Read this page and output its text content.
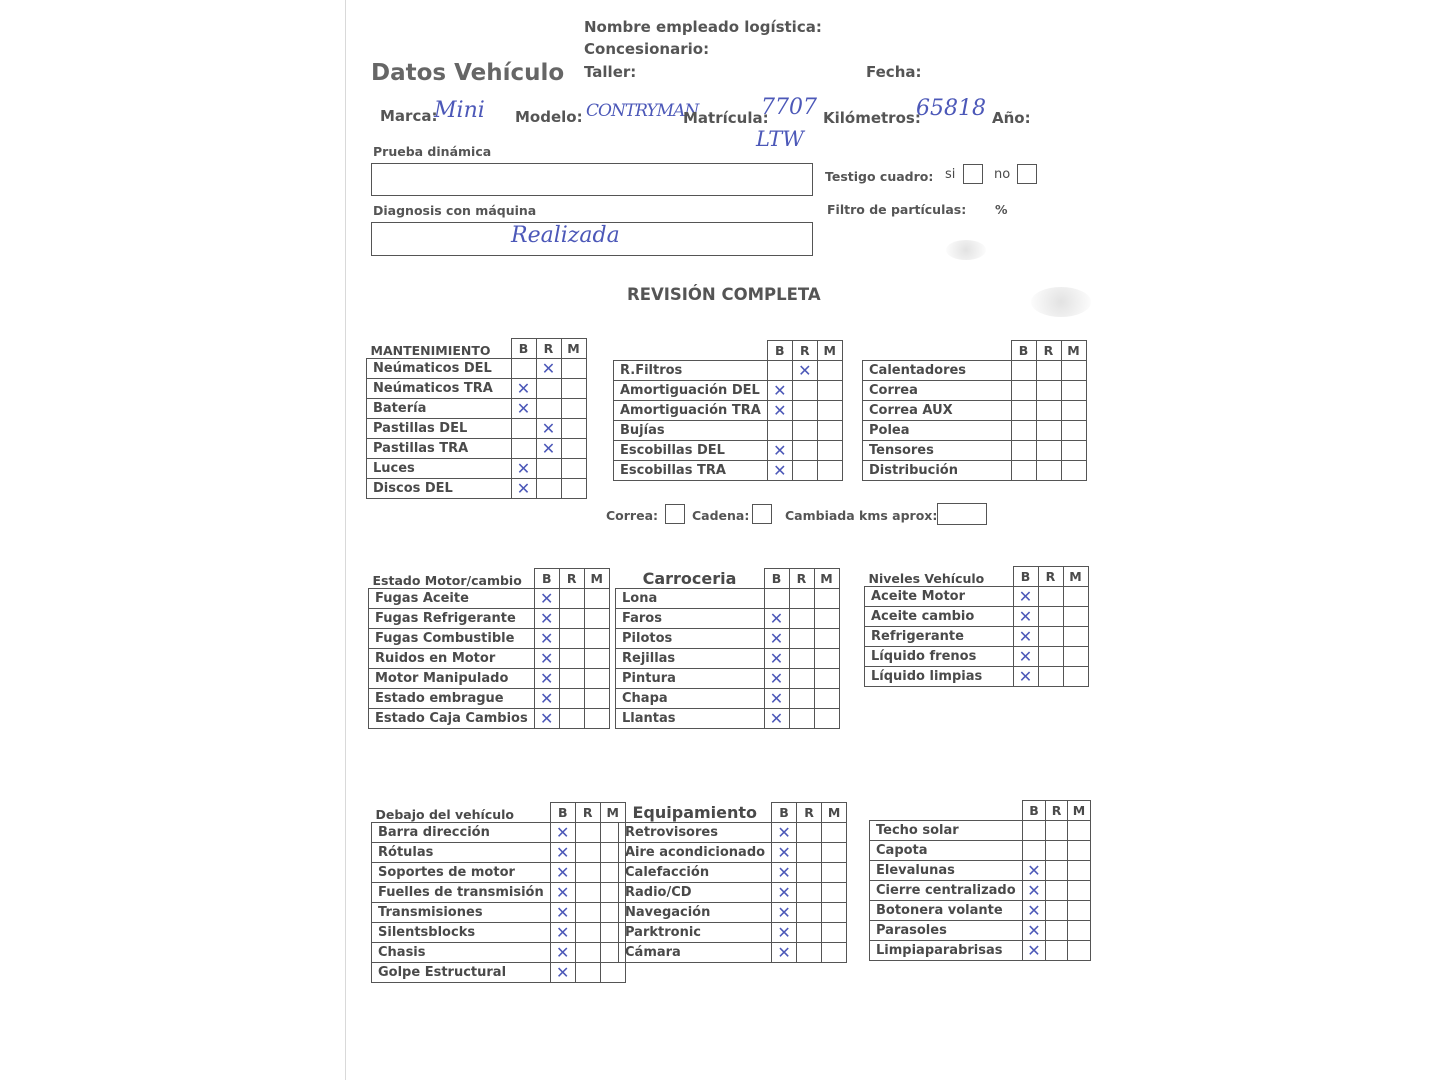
Nombre empleado logística:
Concesionario:
Taller:	Fecha:
Datos Vehículo
Marca:
Mini Modelo: CONTRYMAN
Matrícula:
7707
LTW
Kilómetros:
65818 Año:
Prueba dinámica
Diagnosis con máquina
Realizada
Testigo cuadro: si	no
Filtro de partículas: %
REVISIÓN COMPLETA
MANTENIMIENTO	B	R	M
Neúmaticos DEL		✕	
Neúmaticos TRA	✕		
Batería	✕		
Pastillas DEL		✕	
Pastillas TRA		✕	
Luces	✕		
Discos DEL	✕		
	B	R	M
R.Filtros		✕	
Amortiguación DEL	✕		
Amortiguación TRA	✕		
Bujías			
Escobillas DEL	✕		
Escobillas TRA	✕		
	B	R	M
Calentadores			
Correa			
Correa AUX			
Polea			
Tensores			
Distribución			
Correa:	Cadena:	Cambiada kms aprox:
Estado Motor/cambio	B	R	M
Fugas Aceite	✕		
Fugas Refrigerante	✕		
Fugas Combustible	✕		
Ruidos en Motor	✕		
Motor Manipulado	✕		
Estado embrague	✕		
Estado Caja Cambios	✕		
Carroceria	B	R	M
Lona			
Faros	✕		
Pilotos	✕		
Rejillas	✕		
Pintura	✕		
Chapa	✕		
Llantas	✕		
Niveles Vehículo	B	R	M
Aceite Motor	✕		
Aceite cambio	✕		
Refrigerante	✕		
Líquido frenos	✕		
Líquido limpias	✕		
Debajo del vehículo	B	R	M
Barra dirección	✕		
Rótulas	✕		
Soportes de motor	✕		
Fuelles de transmisión	✕		
Transmisiones	✕		
Silentsblocks	✕		
Chasis	✕		
Golpe Estructural	✕		
Equipamiento	B	R	M
Retrovisores	✕		
Aire acondicionado	✕		
Calefacción	✕		
Radio/CD	✕		
Navegación	✕		
Parktronic	✕		
Cámara	✕		
	B	R	M
Techo solar			
Capota			
Elevalunas	✕		
Cierre centralizado	✕		
Botonera volante	✕		
Parasoles	✕		
Limpiaparabrisas	✕		
